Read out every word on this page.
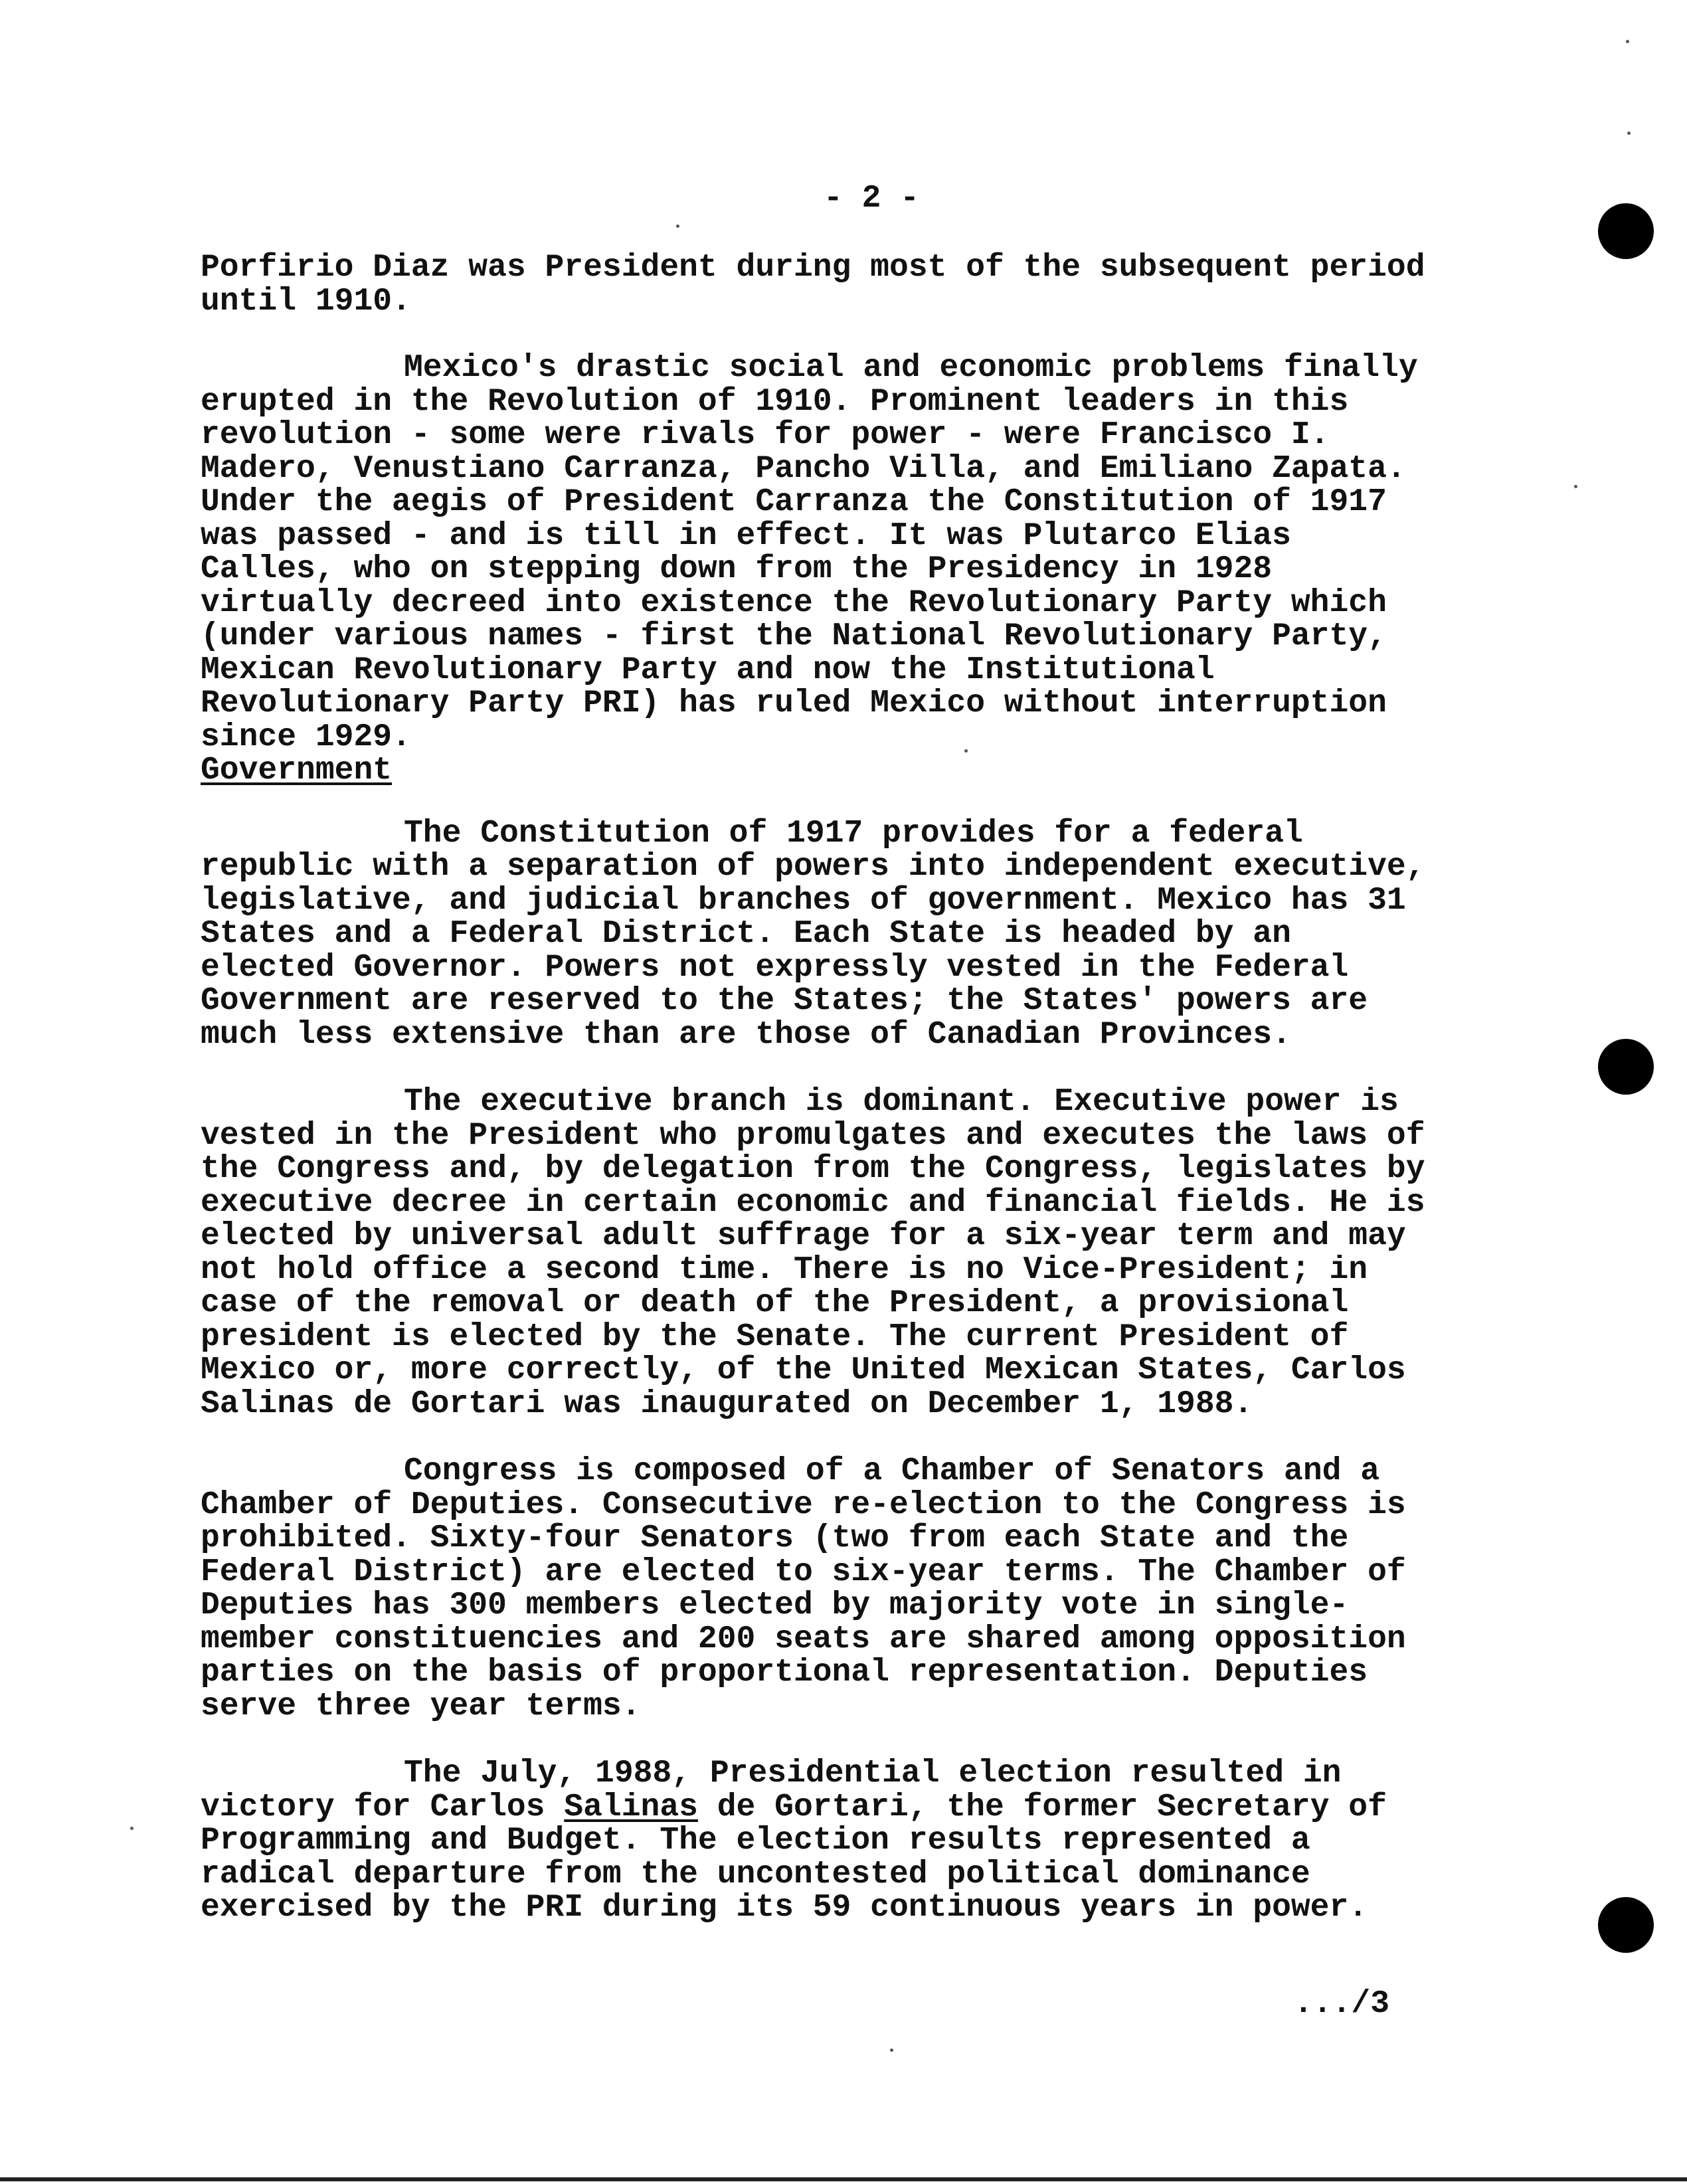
- 2 -

Porfirio Diaz was President during most of the subsequent period
until 1910.

Mexico's drastic social and economic problems finally
erupted in the Revolution of 1910. Prominent leaders in this
revolution - some were rivals for power - were Francisco I.
Madero, Venustiano Carranza, Pancho Villa, and Emiliano Zapata.
Under the aegis of President Carranza the Constitution of 1917
was passed - and is till in effect. It was Plutarco Elias
Calles, who on stepping down from the Presidency in 1928
virtually decreed into existence the Revolutionary Party which
(under various names - first the National Revolutionary Party,
Mexican Revolutionary Party and now the Institutional
Revolutionary Party PRI) has ruled Mexico without interruption
since 1929.

Government

The Constitution of 1917 provides for a federal
republic with a separation of powers into independent executive,
legislative, and judicial branches of government. Mexico has 31
States and a Federal District. Each State is headed by an
elected Governor. Powers not expressly vested in the Federal
Government are reserved to the States; the States' powers are
much less extensive than are those of Canadian Provinces.

The executive branch is dominant. Executive power is
vested in the President who promulgates and executes the laws of
the Congress and, by delegation from the Congress, legislates by
executive decree in certain economic and financial fields. He is
elected by universal adult suffrage for a six-year term and may
not hold office a second time. There is no Vice-President; in
case of the removal or death of the President, a provisional
president is elected by the Senate. The current President of
Mexico or, more correctly, of the United Mexican States, Carlos
Salinas de Gortari was inaugurated on December 1, 1988.

Congress is composed of a Chamber of Senators and a
Chamber of Deputies. Consecutive re-election to the Congress is
prohibited. Sixty-four Senators (two from each State and the
Federal District) are elected to six-year terms. The Chamber of
Deputies has 300 members elected by majority vote in single-
member constituencies and 200 seats are shared among opposition
parties on the basis of proportional representation. Deputies
serve three year terms.

The July, 1988, Presidential election resulted in
victory for Carlos Salinas de Gortari, the former Secretary of
Programming and Budget. The election results represented a
radical departure from the uncontested political dominance
exercised by the PRI during its 59 continuous years in power.

.../3
